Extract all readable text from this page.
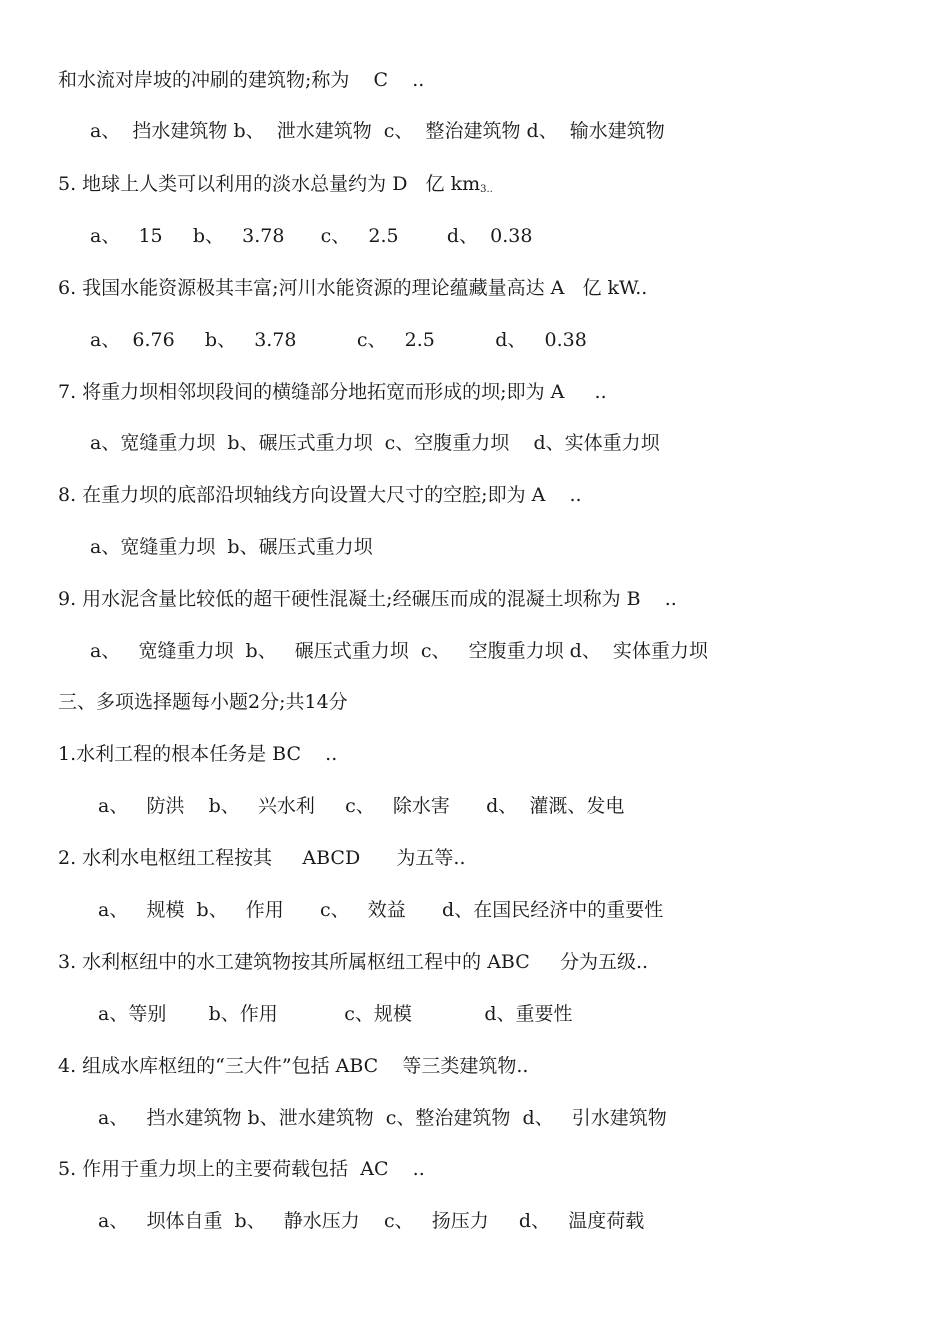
和水流对岸坡的冲刷的建筑物;称为    C    ..
a、  挡水建筑物 b、  泄水建筑物  c、  整治建筑物 d、  输水建筑物
5. 地球上人类可以利用的淡水总量约为 D   亿 km3..
a、   15     b、   3.78      c、   2.5        d、  0.38
6. 我国水能资源极其丰富;河川水能资源的理论蕴藏量高达 A   亿 kW..
a、  6.76     b、   3.78          c、   2.5          d、   0.38
7. 将重力坝相邻坝段间的横缝部分地拓宽而形成的坝;即为 A     ..
a、宽缝重力坝  b、碾压式重力坝  c、空腹重力坝    d、实体重力坝
8. 在重力坝的底部沿坝轴线方向设置大尺寸的空腔;即为 A    ..
a、宽缝重力坝  b、碾压式重力坝
9. 用水泥含量比较低的超干硬性混凝土;经碾压而成的混凝土坝称为 B    ..
a、   宽缝重力坝  b、   碾压式重力坝  c、   空腹重力坝 d、  实体重力坝
三、多项选择题每小题2分;共14分
1.水利工程的根本任务是 BC    ..
a、   防洪    b、   兴水利     c、   除水害      d、  灌溉、发电
2. 水利水电枢纽工程按其     ABCD      为五等..
a、   规模  b、   作用      c、   效益      d、在国民经济中的重要性
3. 水利枢纽中的水工建筑物按其所属枢纽工程中的 ABC     分为五级..
a、等别       b、作用           c、规模            d、重要性
4. 组成水库枢纽的“三大件”包括 ABC    等三类建筑物..
a、   挡水建筑物 b、泄水建筑物  c、整治建筑物  d、   引水建筑物
5. 作用于重力坝上的主要荷载包括  AC    ..
a、   坝体自重  b、   静水压力    c、   扬压力     d、   温度荷载
